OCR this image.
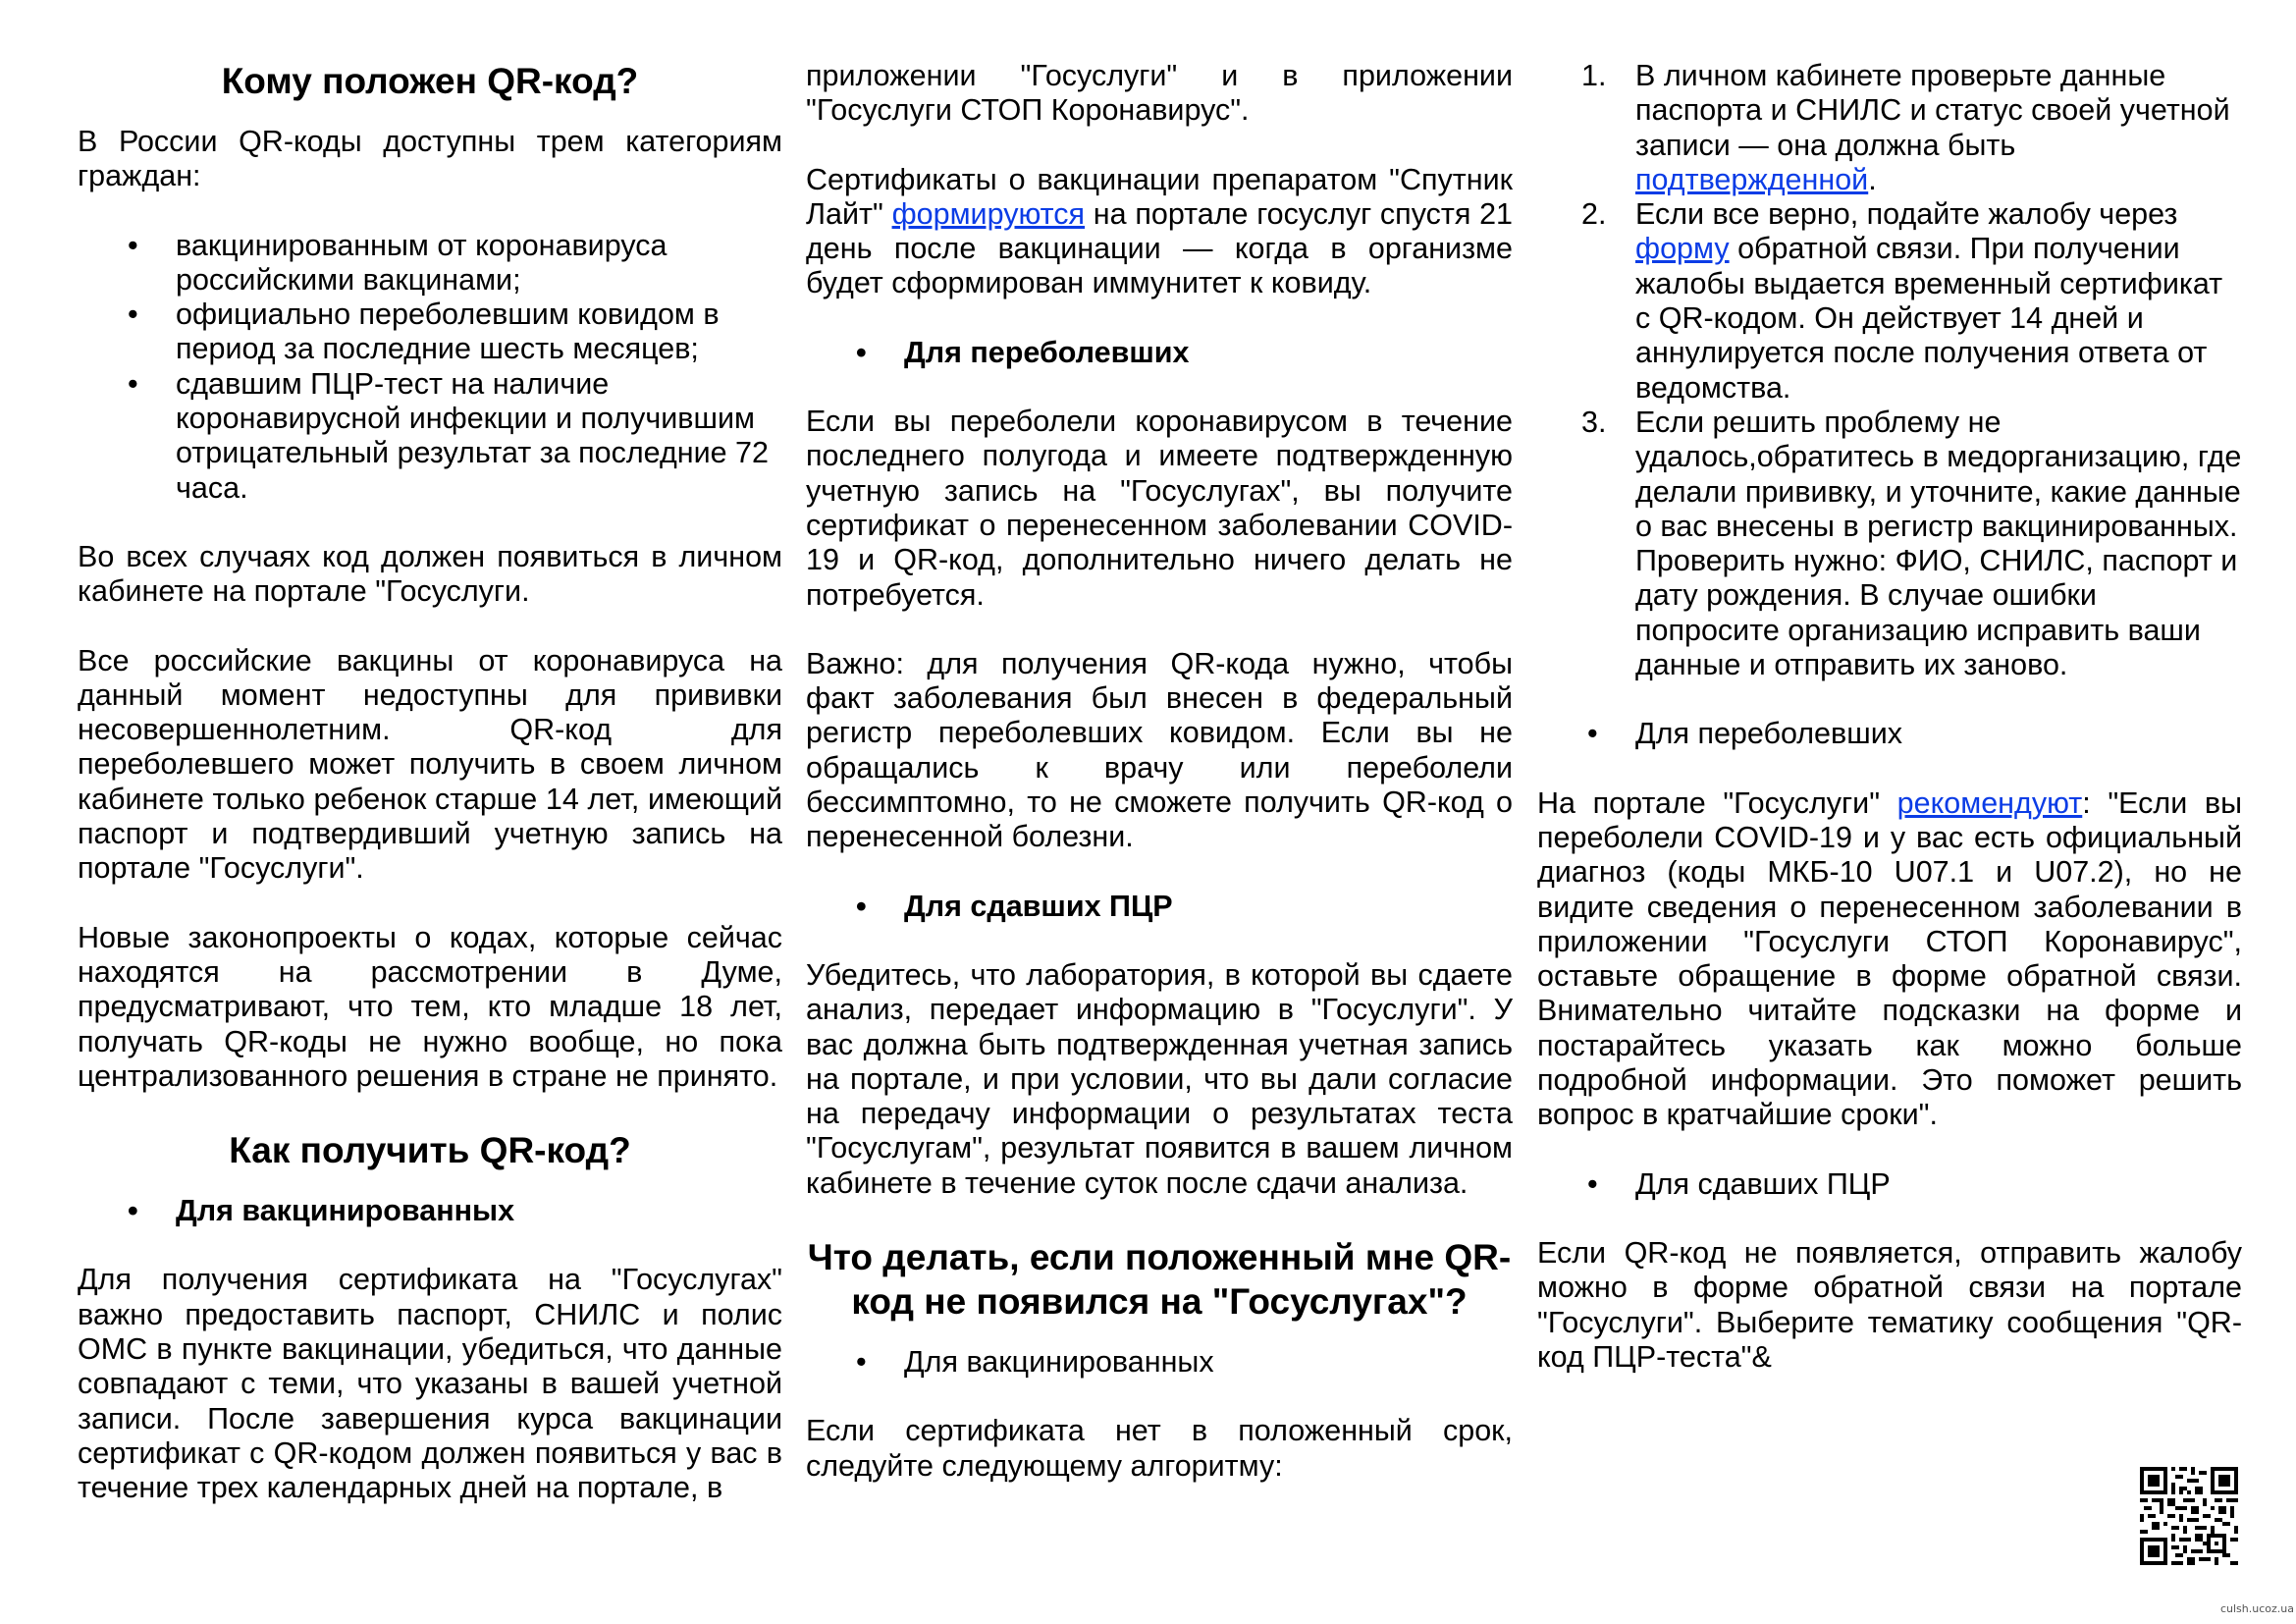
Кому положен QR-код?

В России QR-коды доступны трем категориям граждан:

• вакцинированным от коронавируса российскими вакцинами;
• официально переболевшим ковидом в период за последние шесть месяцев;
• сдавшим ПЦР-тест на наличие коронавирусной инфекции и получившим отрицательный результат за последние 72 часа.

Во всех случаях код должен появиться в личном кабинете на портале "Госуслуги.

Все российские вакцины от коронавируса на данный момент недоступны для прививки несовершеннолетним. QR-код для переболевшего может получить в своем личном кабинете только ребенок старше 14 лет, имеющий паспорт и подтвердивший учетную запись на портале "Госуслуги".

Новые законопроекты о кодах, которые сейчас находятся на рассмотрении в Думе, предусматривают, что тем, кто младше 18 лет, получать QR-коды не нужно вообще, но пока централизованного решения в стране не принято.

Как получить QR-код?
• Для вакцинированных

Для получения сертификата на "Госуслугах" важно предоставить паспорт, СНИЛС и полис ОМС в пункте вакцинации, убедиться, что данные совпадают с теми, что указаны в вашей учетной записи. После завершения курса вакцинации сертификат с QR-кодом должен появиться у вас в течение трех календарных дней на портале, в

приложении "Госуслуги" и в приложении "Госуслуги СТОП Коронавирус".

Сертификаты о вакцинации препаратом "Спутник Лайт" формируются на портале госуслуг спустя 21 день после вакцинации — когда в организме будет сформирован иммунитет к ковиду.

• Для переболевших

Если вы переболели коронавирусом в течение последнего полугода и имеете подтвержденную учетную запись на "Госуслугах", вы получите сертификат о перенесенном заболевании COVID-19 и QR-код, дополнительно ничего делать не потребуется.

Важно: для получения QR-кода нужно, чтобы факт заболевания был внесен в федеральный регистр переболевших ковидом. Если вы не обращались к врачу или переболели бессимптомно, то не сможете получить QR-код о перенесенной болезни.

• Для сдавших ПЦР

Убедитесь, что лаборатория, в которой вы сдаете анализ, передает информацию в "Госуслуги". У вас должна быть подтвержденная учетная запись на портале, и при условии, что вы дали согласие на передачу информации о результатах теста "Госуслугам", результат появится в вашем личном кабинете в течение суток после сдачи анализа.

Что делать, если положенный мне QR-код не появился на "Госуслугах"?
• Для вакцинированных

Если сертификата нет в положенный срок, следуйте следующему алгоритму:

1. В личном кабинете проверьте данные паспорта и СНИЛС и статус своей учетной записи — она должна быть подтвержденной.
2. Если все верно, подайте жалобу через форму обратной связи. При получении жалобы выдается временный сертификат с QR-кодом. Он действует 14 дней и аннулируется после получения ответа от ведомства.
3. Если решить проблему не удалось,обратитесь в медорганизацию, где делали прививку, и уточните, какие данные о вас внесены в регистр вакцинированных. Проверить нужно: ФИО, СНИЛС, паспорт и дату рождения. В случае ошибки попросите организацию исправить ваши данные и отправить их заново.
• Для переболевших

На портале "Госуслуги" рекомендуют: "Если вы переболели COVID-19 и у вас есть официальный диагноз (коды МКБ-10 U07.1 и U07.2), но не видите сведения о перенесенном заболевании в приложении "Госуслуги СТОП Коронавирус", оставьте обращение в форме обратной связи. Внимательно читайте подсказки на форме и постарайтесь указать как можно больше подробной информации. Это поможет решить вопрос в кратчайшие сроки".

• Для сдавших ПЦР

Если QR-код не появляется, отправить жалобу можно в форме обратной связи на портале "Госуслуги". Выберите тематику сообщения "QR-код ПЦР-теста"&

culsh.ucoz.ua
